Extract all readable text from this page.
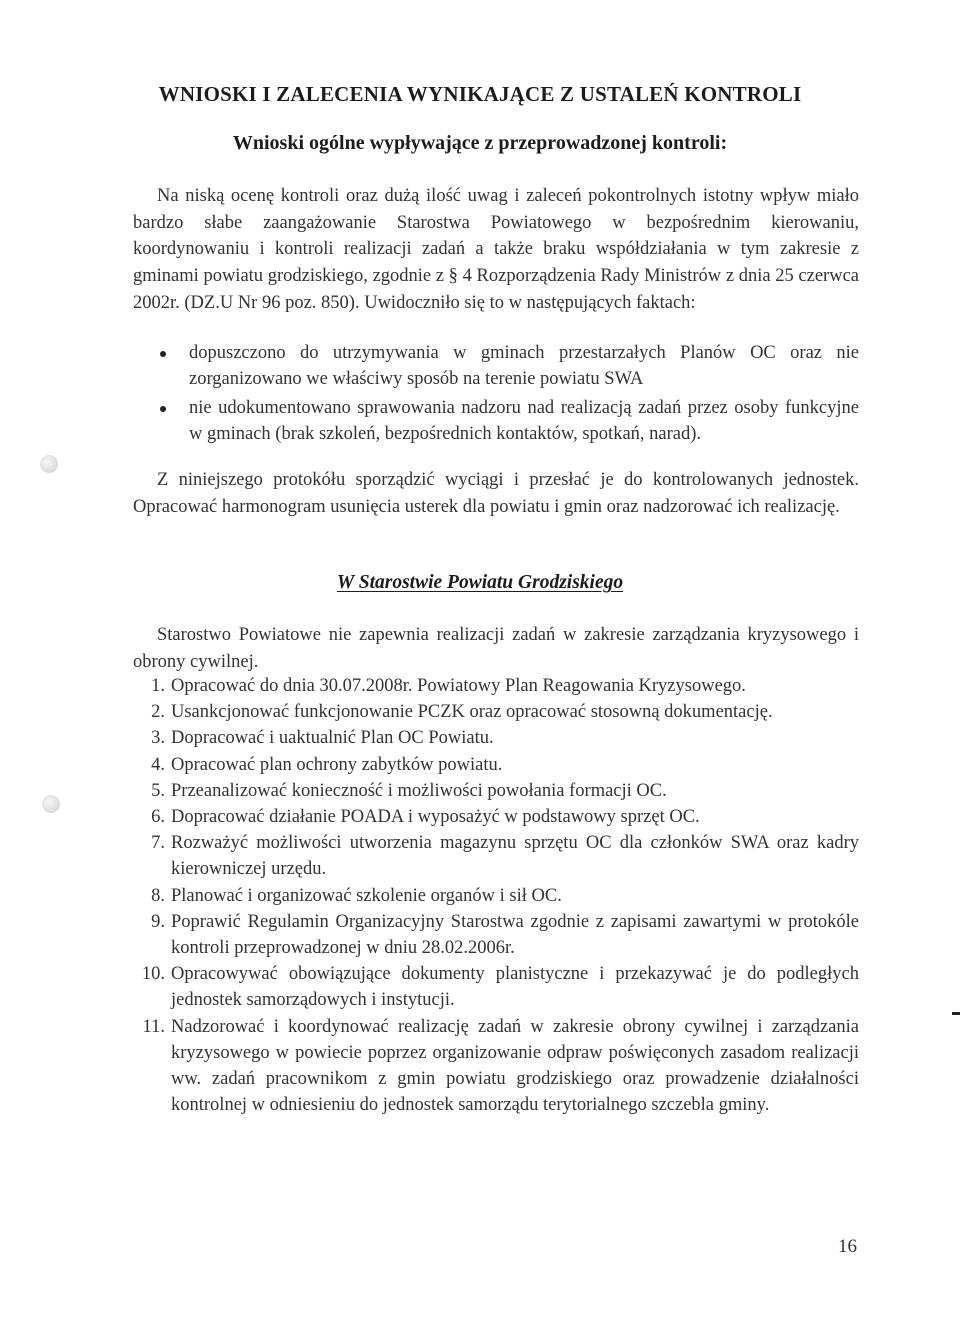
WNIOSKI I ZALECENIA WYNIKAJĄCE Z USTALEŃ KONTROLI
Wnioski ogólne wypływające z przeprowadzonej kontroli:

Na niską ocenę kontroli oraz dużą ilość uwag i zaleceń pokontrolnych istotny wpływ miało bardzo słabe zaangażowanie Starostwa Powiatowego w bezpośrednim kierowaniu, koordynowaniu i kontroli realizacji zadań a także braku współdziałania w tym zakresie z gminami powiatu grodziskiego, zgodnie z § 4 Rozporządzenia Rady Ministrów z dnia 25 czerwca 2002r. (DZ.U Nr 96 poz. 850). Uwidoczniło się to w następujących faktach:

dopuszczono do utrzymywania w gminach przestarzałych Planów OC oraz nie zorganizowano we właściwy sposób na terenie powiatu SWA
nie udokumentowano sprawowania nadzoru nad realizacją zadań przez osoby funkcyjne w gminach (brak szkoleń, bezpośrednich kontaktów, spotkań, narad).

Z niniejszego protokółu sporządzić wyciągi i przesłać je do kontrolowanych jednostek. Opracować harmonogram usunięcia usterek dla powiatu i gmin oraz nadzorować ich realizację.

W Starostwie Powiatu Grodziskiego

Starostwo Powiatowe nie zapewnia realizacji zadań w zakresie zarządzania kryzysowego i obrony cywilnej.

1. Opracować do dnia 30.07.2008r. Powiatowy Plan Reagowania Kryzysowego.
2. Usankcjonować funkcjonowanie PCZK oraz opracować stosowną dokumentację.
3. Dopracować i uaktualnić Plan OC Powiatu.
4. Opracować plan ochrony zabytków powiatu.
5. Przeanalizować konieczność i możliwości powołania formacji OC.
6. Dopracować działanie POADA i wyposażyć w podstawowy sprzęt OC.
7. Rozważyć możliwości utworzenia magazynu sprzętu OC dla członków SWA oraz kadry kierowniczej urzędu.
8. Planować i organizować szkolenie organów i sił OC.
9. Poprawić Regulamin Organizacyjny Starostwa zgodnie z zapisami zawartymi w protokóle kontroli przeprowadzonej w dniu 28.02.2006r.
10. Opracowywać obowiązujące dokumenty planistyczne i przekazywać je do podległych jednostek samorządowych i instytucji.
11. Nadzorować i koordynować realizację zadań w zakresie obrony cywilnej i zarządzania kryzysowego w powiecie poprzez organizowanie odpraw poświęconych zasadom realizacji ww. zadań pracownikom z gmin powiatu grodziskiego oraz prowadzenie działalności kontrolnej w odniesieniu do jednostek samorządu terytorialnego szczebla gminy.
16
